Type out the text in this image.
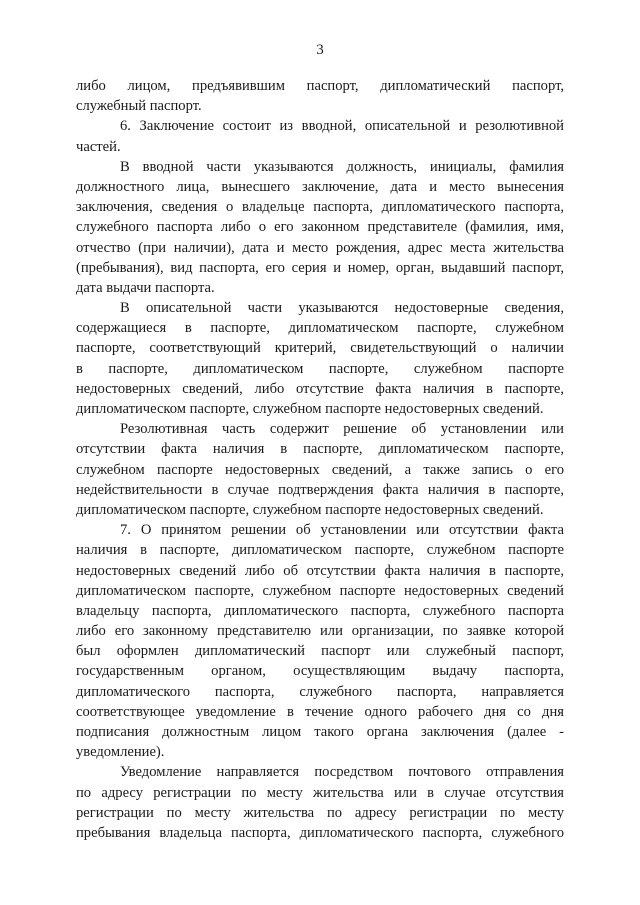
3
либо лицом, предъявившим паспорт, дипломатический паспорт,
служебный паспорт.
6. Заключение состоит из вводной, описательной и резолютивной
частей.
В вводной части указываются должность, инициалы, фамилия
должностного лица, вынесшего заключение, дата и место вынесения
заключения, сведения о владельце паспорта, дипломатического паспорта,
служебного паспорта либо о его законном представителе (фамилия, имя,
отчество (при наличии), дата и место рождения, адрес места жительства
(пребывания), вид паспорта, его серия и номер, орган, выдавший паспорт,
дата выдачи паспорта.
В описательной части указываются недостоверные сведения,
содержащиеся в паспорте, дипломатическом паспорте, служебном
паспорте, соответствующий критерий, свидетельствующий о наличии
в паспорте, дипломатическом паспорте, служебном паспорте
недостоверных сведений, либо отсутствие факта наличия в паспорте,
дипломатическом паспорте, служебном паспорте недостоверных сведений.
Резолютивная часть содержит решение об установлении или
отсутствии факта наличия в паспорте, дипломатическом паспорте,
служебном паспорте недостоверных сведений, а также запись о его
недействительности в случае подтверждения факта наличия в паспорте,
дипломатическом паспорте, служебном паспорте недостоверных сведений.
7. О принятом решении об установлении или отсутствии факта
наличия в паспорте, дипломатическом паспорте, служебном паспорте
недостоверных сведений либо об отсутствии факта наличия в паспорте,
дипломатическом паспорте, служебном паспорте недостоверных сведений
владельцу паспорта, дипломатического паспорта, служебного паспорта
либо его законному представителю или организации, по заявке которой
был оформлен дипломатический паспорт или служебный паспорт,
государственным органом, осуществляющим выдачу паспорта,
дипломатического паспорта, служебного паспорта, направляется
соответствующее уведомление в течение одного рабочего дня со дня
подписания должностным лицом такого органа заключения (далее -
уведомление).
Уведомление направляется посредством почтового отправления
по адресу регистрации по месту жительства или в случае отсутствия
регистрации по месту жительства по адресу регистрации по месту
пребывания владельца паспорта, дипломатического паспорта, служебного
